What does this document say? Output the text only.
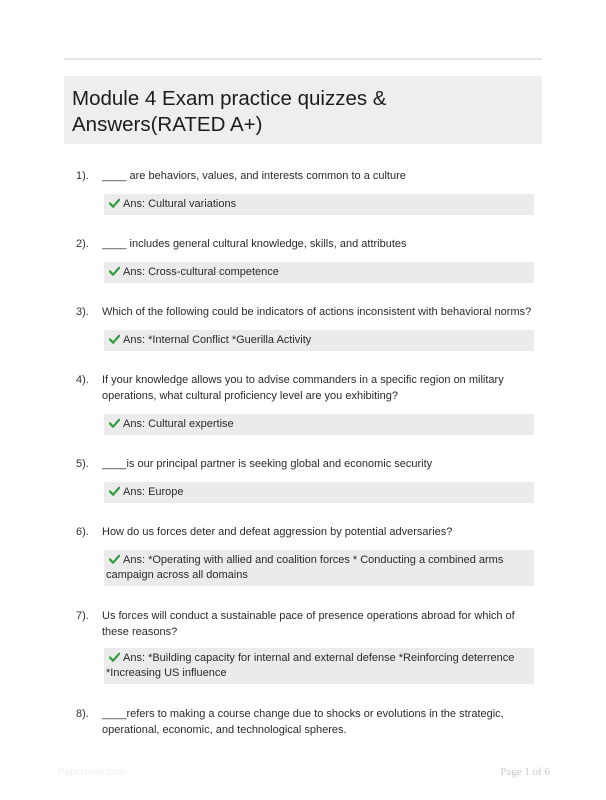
Module 4 Exam practice quizzes & Answers(RATED A+)
1). ____ are behaviors, values, and interests common to a culture
Ans: Cultural variations
2). ____ includes general cultural knowledge, skills, and attributes
Ans: Cross-cultural competence
3). Which of the following could be indicators of actions inconsistent with behavioral norms?
Ans: *Internal Conflict *Guerilla Activity
4). If your knowledge allows you to advise commanders in a specific region on military operations, what cultural proficiency level are you exhibiting?
Ans: Cultural expertise
5). ____is our principal partner is seeking global and economic security
Ans: Europe
6). How do us forces deter and defeat aggression by potential adversaries?
Ans: *Operating with allied and coalition forces * Conducting a combined arms campaign across all domains
7). Us forces will conduct a sustainable pace of presence operations abroad for which of these reasons?
Ans: *Building capacity for internal and external defense *Reinforcing deterrence *Increasing US influence
8). ____refers to making a course change due to shocks or evolutions in the strategic, operational, economic, and technological spheres.
Paperbrite.com	Page 1 of 6
